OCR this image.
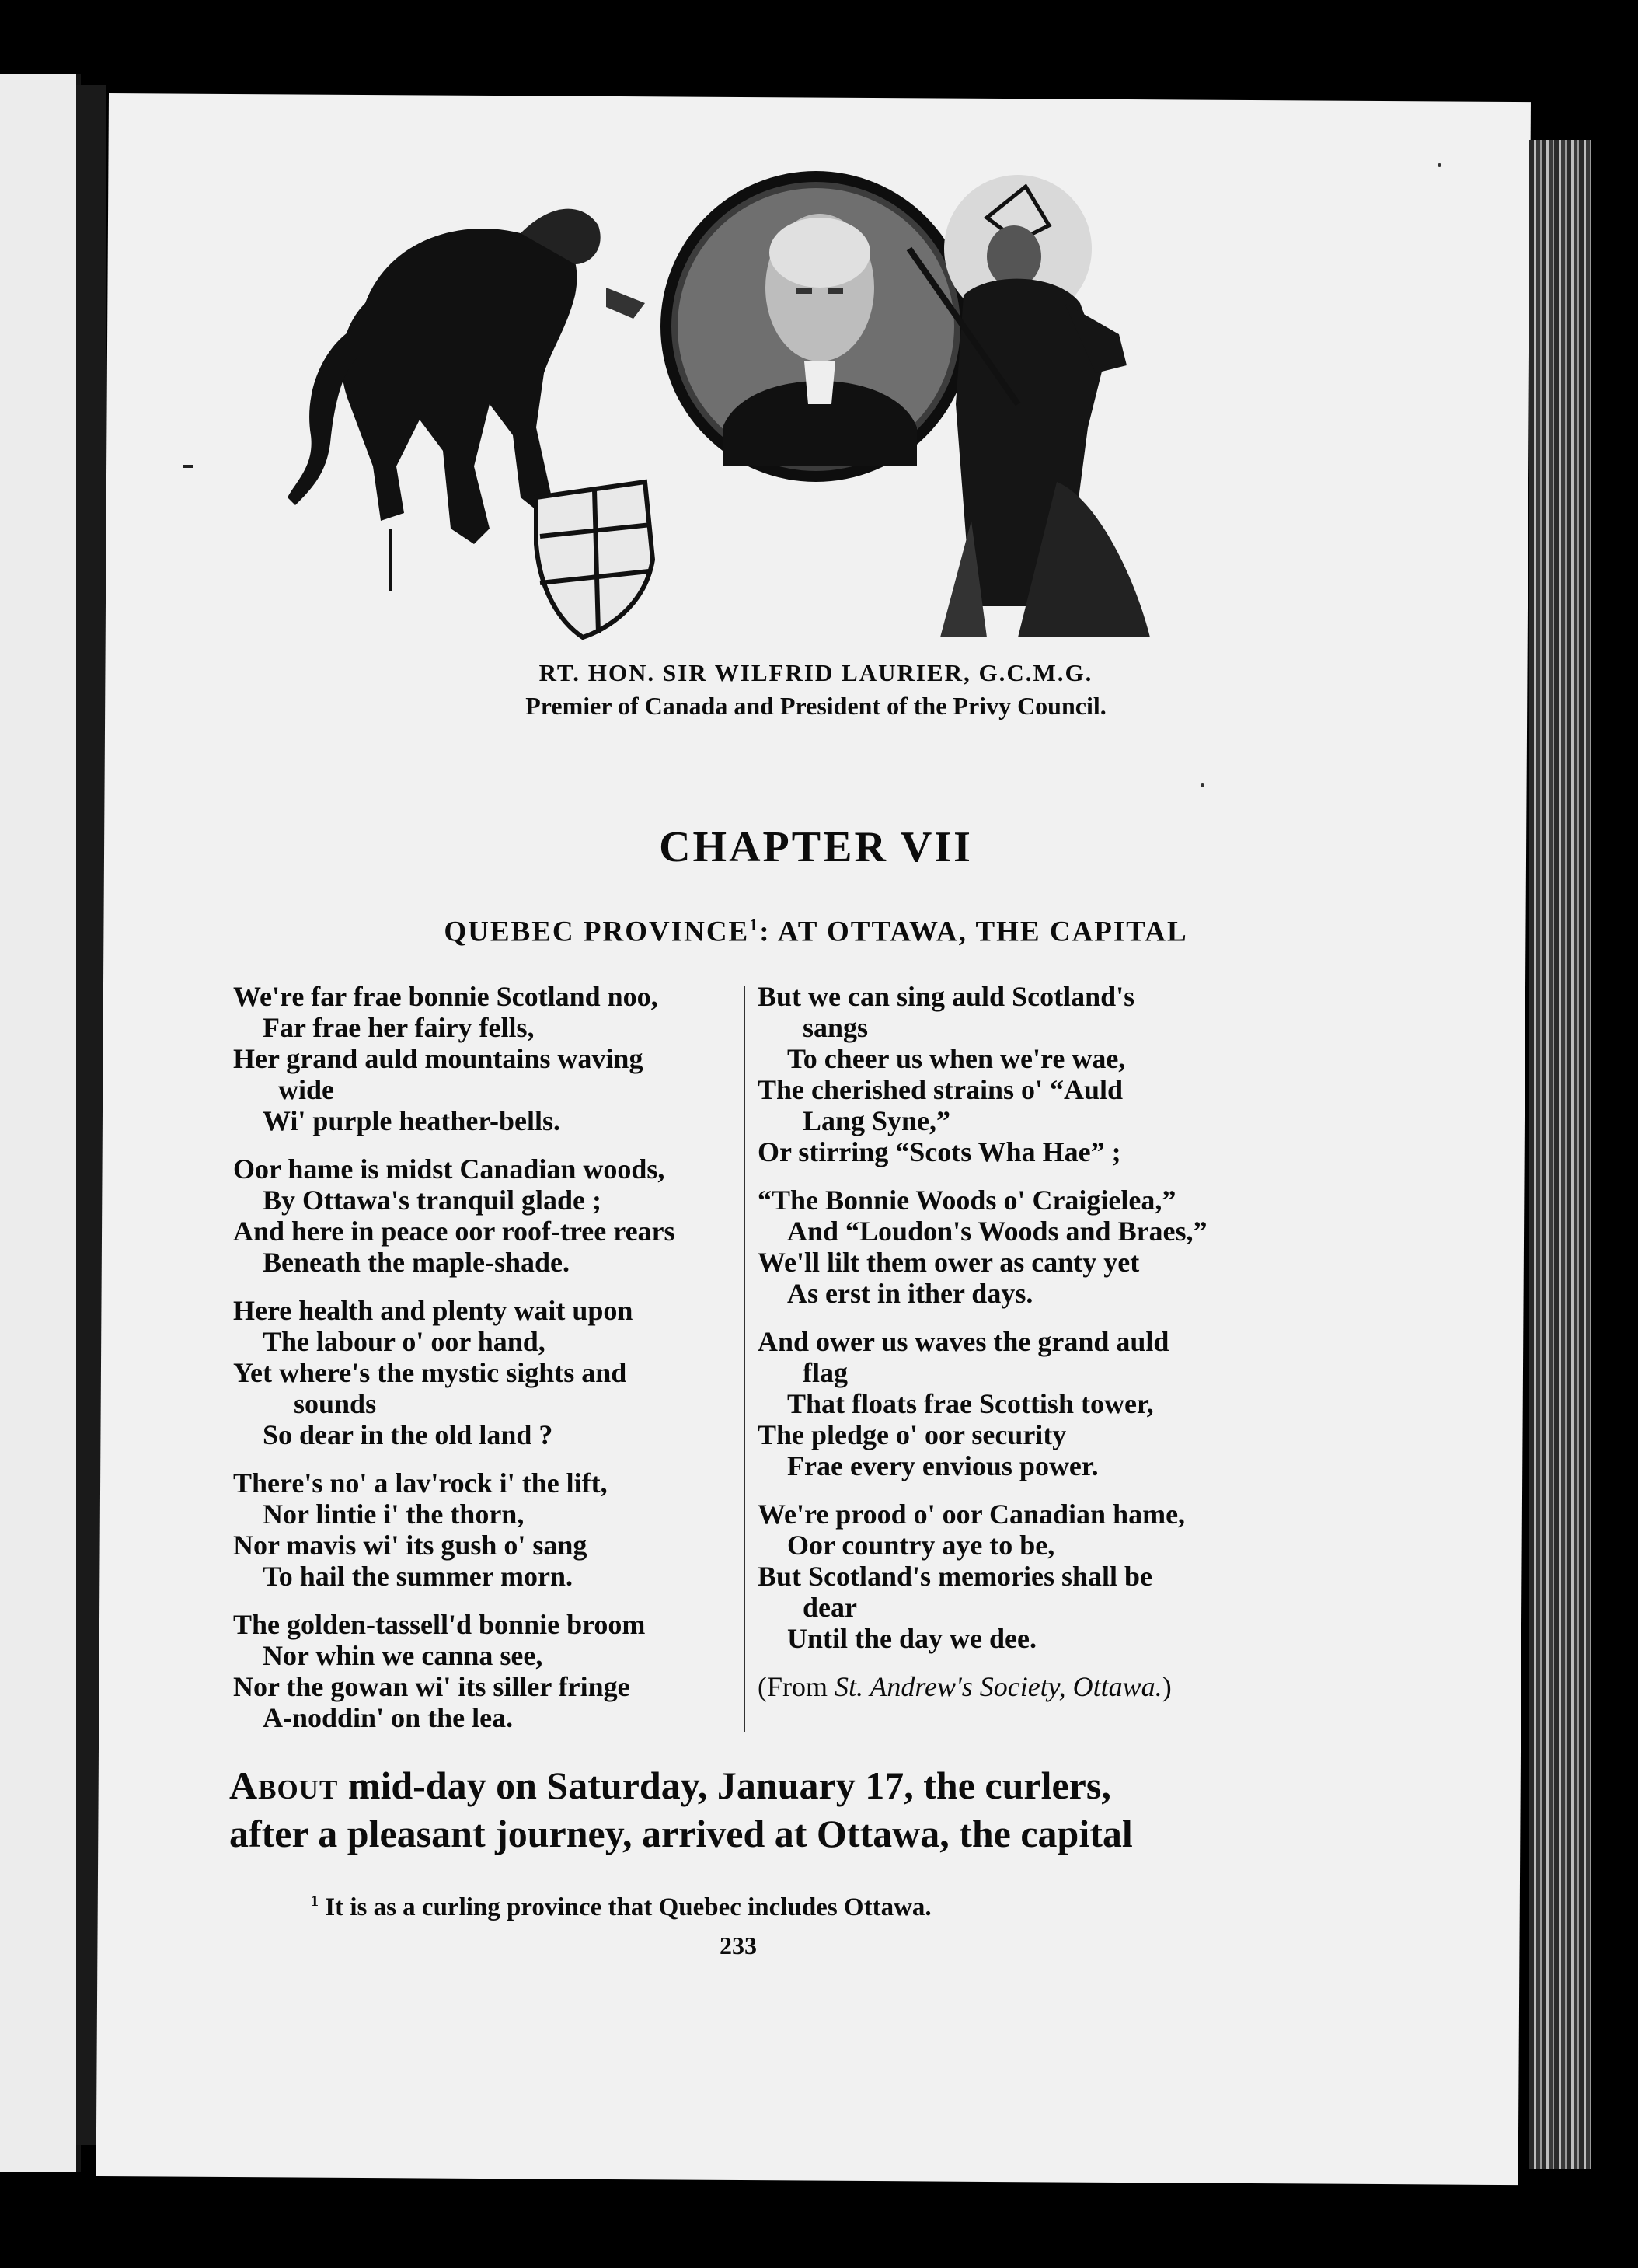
RT. HON. SIR WILFRID LAURIER, G.C.M.G.
Premier of Canada and President of the Privy Council.
CHAPTER VII
QUEBEC PROVINCE$^1$: AT OTTAWA, THE CAPITAL
We're far frae bonnie Scotland noo,
Far frae her fairy fells,
Her grand auld mountains waving
wide
Wi' purple heather-bells.
Oor hame is midst Canadian woods,
By Ottawa's tranquil glade ;
And here in peace oor roof-tree rears
Beneath the maple-shade.
Here health and plenty wait upon
The labour o' oor hand,
Yet where's the mystic sights and
sounds
So dear in the old land ?
There's no' a lav'rock i' the lift,
Nor lintie i' the thorn,
Nor mavis wi' its gush o' sang
To hail the summer morn.
The golden-tassell'd bonnie broom
Nor whin we canna see,
Nor the gowan wi' its siller fringe
A-noddin' on the lea.
But we can sing auld Scotland's
sangs
To cheer us when we're wae,
The cherished strains o' “Auld
Lang Syne,”
Or stirring “Scots Wha Hae” ;
“The Bonnie Woods o' Craigielea,”
And “Loudon's Woods and Braes,”
We'll lilt them ower as canty yet
As erst in ither days.
And ower us waves the grand auld
flag
That floats frae Scottish tower,
The pledge o' oor security
Frae every envious power.
We're prood o' oor Canadian hame,
Oor country aye to be,
But Scotland's memories shall be
dear
Until the day we dee.
(From St. Andrew's Society, Ottawa.)
About mid-day on Saturday, January 17, the curlers,
after a pleasant journey, arrived at Ottawa, the capital
$^1$ It is as a curling province that Quebec includes Ottawa.
233
